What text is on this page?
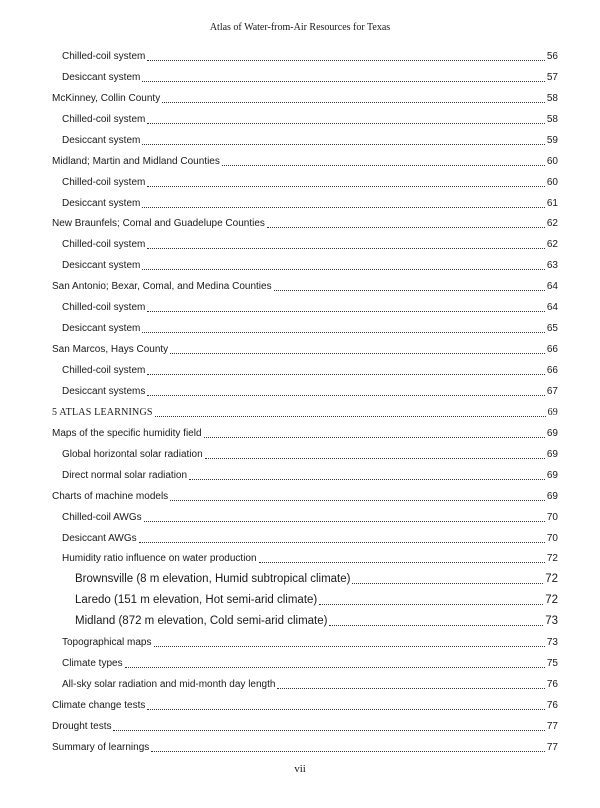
Atlas of Water-from-Air Resources for Texas
Chilled-coil system	56
Desiccant system	57
McKinney, Collin County	58
Chilled-coil system	58
Desiccant system	59
Midland; Martin and Midland Counties	60
Chilled-coil system	60
Desiccant system	61
New Braunfels; Comal and Guadelupe Counties	62
Chilled-coil system	62
Desiccant system	63
San Antonio; Bexar, Comal, and Medina Counties	64
Chilled-coil system	64
Desiccant system	65
San Marcos, Hays County	66
Chilled-coil system	66
Desiccant systems	67
5 ATLAS LEARNINGS	69
Maps of the specific humidity field	69
Global horizontal solar radiation	69
Direct normal solar radiation	69
Charts of machine models	69
Chilled-coil AWGs	70
Desiccant AWGs	70
Humidity ratio influence on water production	72
Brownsville (8 m elevation, Humid subtropical climate)	72
Laredo (151 m elevation, Hot semi-arid climate)	72
Midland (872 m elevation, Cold semi-arid climate)	73
Topographical maps	73
Climate types	75
All-sky solar radiation and mid-month day length	76
Climate change tests	76
Drought tests	77
Summary of learnings	77
vii
